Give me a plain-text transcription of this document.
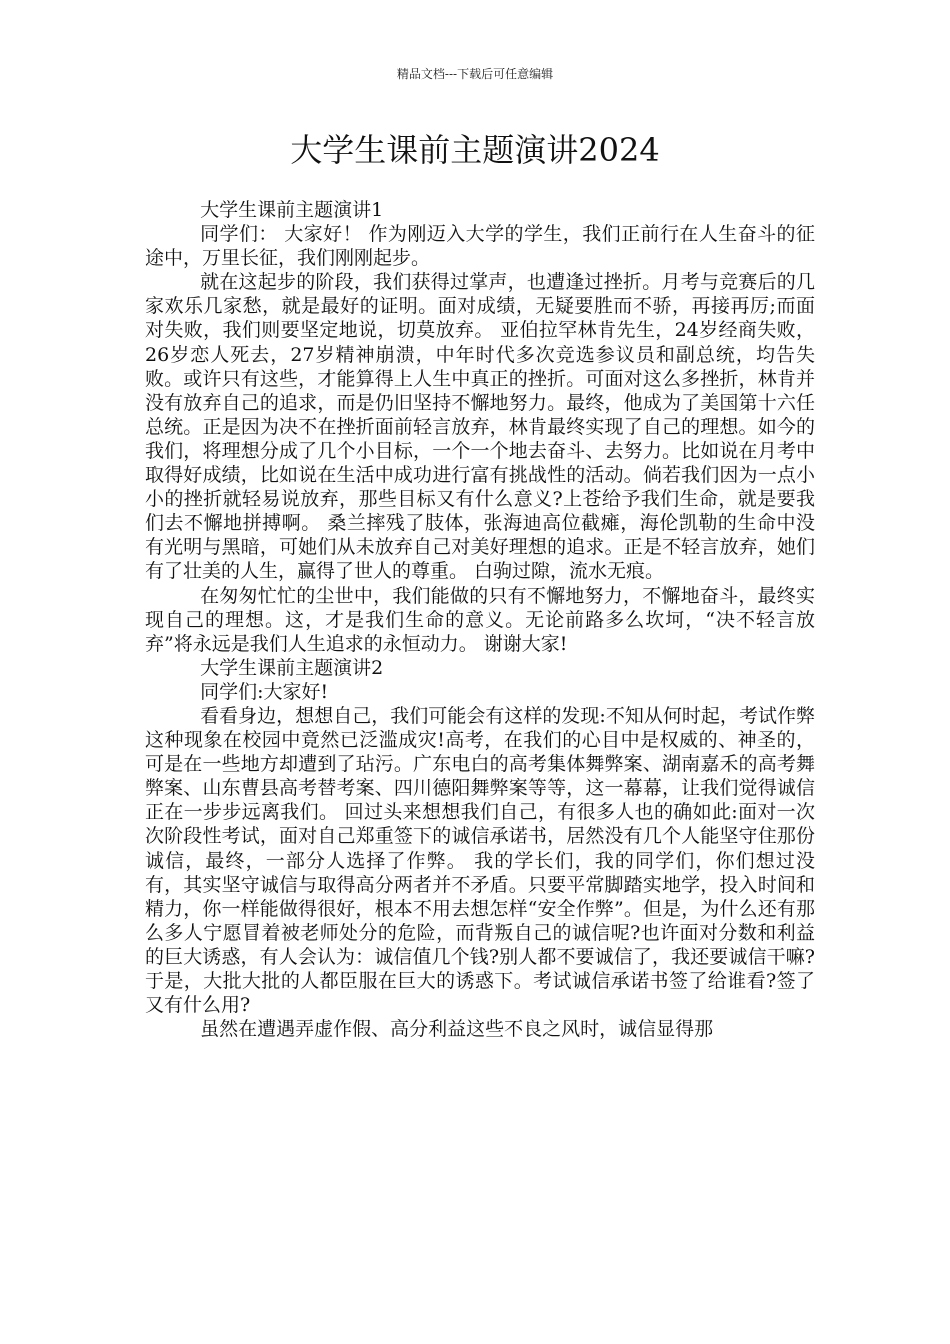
精品文档---下载后可任意编辑
大学生课前主题演讲2024

大学生课前主题演讲1

同学们： 大家好！ 作为刚迈入大学的学生，我们正前行在人生奋斗的征途中，万里长征，我们刚刚起步。

就在这起步的阶段，我们获得过掌声，也遭逢过挫折。月考与竞赛后的几家欢乐几家愁，就是最好的证明。面对成绩，无疑要胜而不骄，再接再厉;而面对失败，我们则要坚定地说，切莫放弃。 亚伯拉罕林肯先生，24岁经商失败，26岁恋人死去，27岁精神崩溃，中年时代多次竞选参议员和副总统，均告失败。或许只有这些，才能算得上人生中真正的挫折。可面对这么多挫折，林肯并没有放弃自己的追求，而是仍旧坚持不懈地努力。最终，他成为了美国第十六任总统。正是因为决不在挫折面前轻言放弃，林肯最终实现了自己的理想。如今的我们，将理想分成了几个小目标，一个一个地去奋斗、去努力。比如说在月考中取得好成绩，比如说在生活中成功进行富有挑战性的活动。倘若我们因为一点小小的挫折就轻易说放弃，那些目标又有什么意义?上苍给予我们生命，就是要我们去不懈地拼搏啊。 桑兰摔残了肢体，张海迪高位截瘫，海伦凯勒的生命中没有光明与黑暗，可她们从未放弃自己对美好理想的追求。正是不轻言放弃，她们有了壮美的人生，赢得了世人的尊重。 白驹过隙，流水无痕。

在匆匆忙忙的尘世中，我们能做的只有不懈地努力，不懈地奋斗，最终实现自己的理想。这，才是我们生命的意义。无论前路多么坎坷，“决不轻言放弃”将永远是我们人生追求的永恒动力。 谢谢大家!

大学生课前主题演讲2

同学们:大家好!

看看身边，想想自己，我们可能会有这样的发现:不知从何时起，考试作弊这种现象在校园中竟然已泛滥成灾!高考，在我们的心目中是权威的、神圣的，可是在一些地方却遭到了玷污。广东电白的高考集体舞弊案、湖南嘉禾的高考舞弊案、山东曹县高考替考案、四川德阳舞弊案等等，这一幕幕，让我们觉得诚信正在一步步远离我们。 回过头来想想我们自己，有很多人也的确如此:面对一次次阶段性考试，面对自己郑重签下的诚信承诺书，居然没有几个人能坚守住那份诚信，最终，一部分人选择了作弊。 我的学长们，我的同学们，你们想过没有，其实坚守诚信与取得高分两者并不矛盾。只要平常脚踏实地学，投入时间和精力，你一样能做得很好，根本不用去想怎样“安全作弊”。但是，为什么还有那么多人宁愿冒着被老师处分的危险，而背叛自己的诚信呢?也许面对分数和利益的巨大诱惑，有人会认为：诚信值几个钱?别人都不要诚信了，我还要诚信干嘛?于是，大批大批的人都臣服在巨大的诱惑下。考试诚信承诺书签了给谁看?签了又有什么用?

虽然在遭遇弄虚作假、高分利益这些不良之风时，诚信显得那
